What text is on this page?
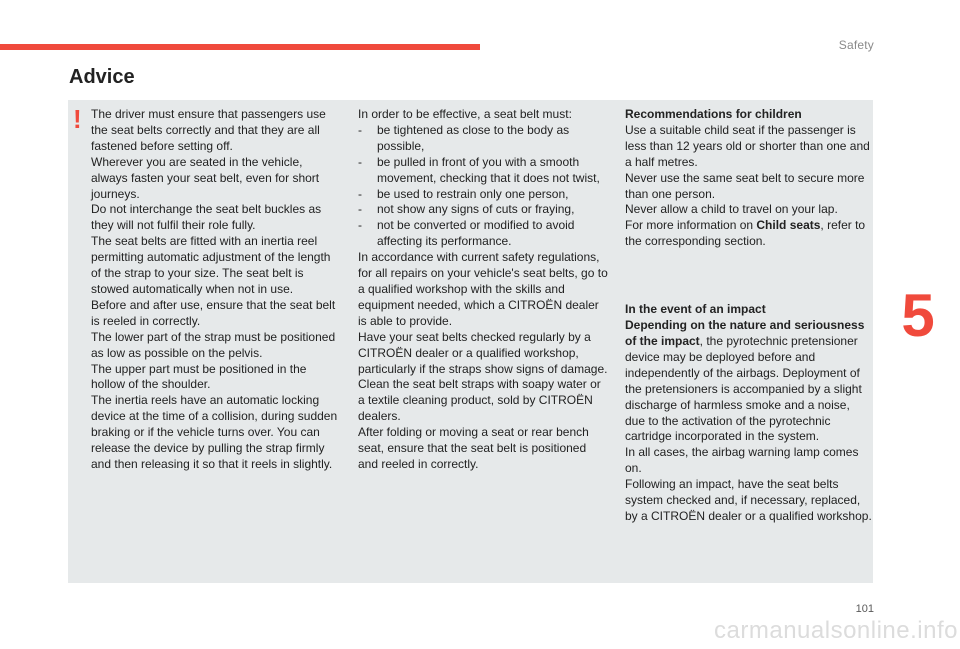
Safety
5
Advice
! The driver must ensure that passengers use the seat belts correctly and that they are all fastened before setting off.

Wherever you are seated in the vehicle, always fasten your seat belt, even for short journeys.

Do not interchange the seat belt buckles as they will not fulfil their role fully.

The seat belts are fitted with an inertia reel permitting automatic adjustment of the length of the strap to your size. The seat belt is stowed automatically when not in use.

Before and after use, ensure that the seat belt is reeled in correctly.

The lower part of the strap must be positioned as low as possible on the pelvis.

The upper part must be positioned in the hollow of the shoulder.

The inertia reels have an automatic locking device at the time of a collision, during sudden braking or if the vehicle turns over. You can release the device by pulling the strap firmly and then releasing it so that it reels in slightly.

In order to be effective, a seat belt must:

- be tightened as close to the body as possible,
- be pulled in front of you with a smooth movement, checking that it does not twist,
- be used to restrain only one person,
- not show any signs of cuts or fraying,
- not be converted or modified to avoid affecting its performance.

In accordance with current safety regulations, for all repairs on your vehicle's seat belts, go to a qualified workshop with the skills and equipment needed, which a CITROËN dealer is able to provide.

Have your seat belts checked regularly by a CITROËN dealer or a qualified workshop, particularly if the straps show signs of damage.

Clean the seat belt straps with soapy water or a textile cleaning product, sold by CITROËN dealers.

After folding or moving a seat or rear bench seat, ensure that the seat belt is positioned and reeled in correctly.

Recommendations for children

Use a suitable child seat if the passenger is less than 12 years old or shorter than one and a half metres.

Never use the same seat belt to secure more than one person.

Never allow a child to travel on your lap.

For more information on Child seats, refer to the corresponding section.

In the event of an impact

Depending on the nature and seriousness of the impact, the pyrotechnic pretensioner device may be deployed before and independently of the airbags. Deployment of the pretensioners is accompanied by a slight discharge of harmless smoke and a noise, due to the activation of the pyrotechnic cartridge incorporated in the system.

In all cases, the airbag warning lamp comes on.

Following an impact, have the seat belts system checked and, if necessary, replaced, by a CITROËN dealer or a qualified workshop.

101
carmanualsonline.info
